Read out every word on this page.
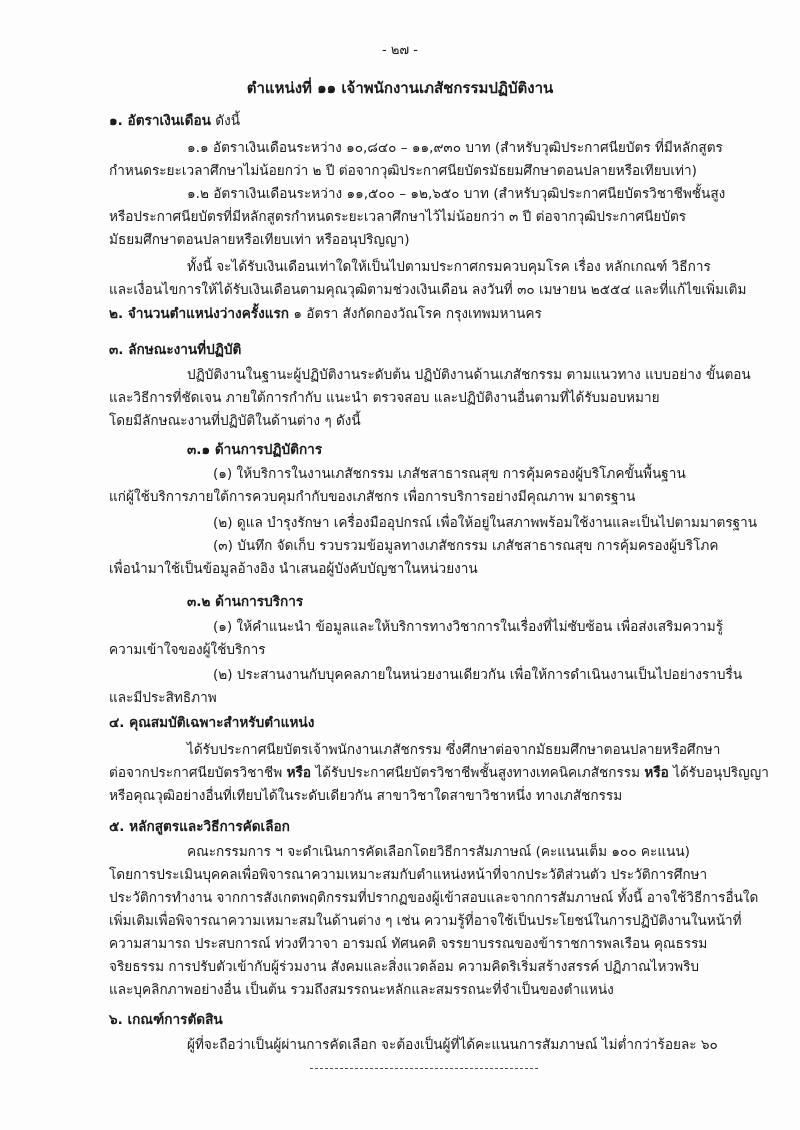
- ๒๗ -
ตำแหน่งที่ ๑๑ เจ้าพนักงานเภสัชกรรมปฏิบัติงาน
๑. อัตราเงินเดือน ดังนี้
๑.๑ อัตราเงินเดือนระหว่าง ๑๐,๘๔๐ – ๑๑,๙๓๐ บาท (สำหรับวุฒิประกาศนียบัตร ที่มีหลักสูตร
กำหนดระยะเวลาศึกษาไม่น้อยกว่า ๒ ปี ต่อจากวุฒิประกาศนียบัตรมัธยมศึกษาตอนปลายหรือเทียบเท่า)
๑.๒ อัตราเงินเดือนระหว่าง ๑๑,๕๐๐ – ๑๒,๖๕๐ บาท (สำหรับวุฒิประกาศนียบัตรวิชาชีพชั้นสูง
หรือประกาศนียบัตรที่มีหลักสูตรกำหนดระยะเวลาศึกษาไว้ไม่น้อยกว่า ๓ ปี ต่อจากวุฒิประกาศนียบัตร
มัธยมศึกษาตอนปลายหรือเทียบเท่า หรืออนุปริญญา)
ทั้งนี้ จะได้รับเงินเดือนเท่าใดให้เป็นไปตามประกาศกรมควบคุมโรค เรื่อง หลักเกณฑ์ วิธีการ
และเงื่อนไขการให้ได้รับเงินเดือนตามคุณวุฒิตามช่วงเงินเดือน ลงวันที่ ๓๐ เมษายน ๒๕๕๔ และที่แก้ไขเพิ่มเติม
๒. จำนวนตำแหน่งว่างครั้งแรก ๑ อัตรา สังกัดกองวัณโรค กรุงเทพมหานคร
๓. ลักษณะงานที่ปฏิบัติ
ปฏิบัติงานในฐานะผู้ปฏิบัติงานระดับต้น ปฏิบัติงานด้านเภสัชกรรม ตามแนวทาง แบบอย่าง ขั้นตอน
และวิธีการที่ชัดเจน ภายใต้การกำกับ แนะนำ ตรวจสอบ และปฏิบัติงานอื่นตามที่ได้รับมอบหมาย
โดยมีลักษณะงานที่ปฏิบัติในด้านต่าง ๆ ดังนี้
๓.๑ ด้านการปฏิบัติการ
(๑) ให้บริการในงานเภสัชกรรม เภสัชสาธารณสุข การคุ้มครองผู้บริโภคขั้นพื้นฐาน
แก่ผู้ใช้บริการภายใต้การควบคุมกำกับของเภสัชกร เพื่อการบริการอย่างมีคุณภาพ มาตรฐาน
(๒) ดูแล บำรุงรักษา เครื่องมืออุปกรณ์ เพื่อให้อยู่ในสภาพพร้อมใช้งานและเป็นไปตามมาตรฐาน
(๓) บันทึก จัดเก็บ รวบรวมข้อมูลทางเภสัชกรรม เภสัชสาธารณสุข การคุ้มครองผู้บริโภค
เพื่อนำมาใช้เป็นข้อมูลอ้างอิง นำเสนอผู้บังคับบัญชาในหน่วยงาน
๓.๒ ด้านการบริการ
(๑) ให้คำแนะนำ ข้อมูลและให้บริการทางวิชาการในเรื่องที่ไม่ซับซ้อน เพื่อส่งเสริมความรู้
ความเข้าใจของผู้ใช้บริการ
(๒) ประสานงานกับบุคคลภายในหน่วยงานเดียวกัน เพื่อให้การดำเนินงานเป็นไปอย่างราบรื่น
และมีประสิทธิภาพ
๔. คุณสมบัติเฉพาะสำหรับตำแหน่ง
ได้รับประกาศนียบัตรเจ้าพนักงานเภสัชกรรม ซึ่งศึกษาต่อจากมัธยมศึกษาตอนปลายหรือศึกษา
ต่อจากประกาศนียบัตรวิชาชีพ หรือ ได้รับประกาศนียบัตรวิชาชีพชั้นสูงทางเทคนิคเภสัชกรรม หรือ ได้รับอนุปริญญา
หรือคุณวุฒิอย่างอื่นที่เทียบได้ในระดับเดียวกัน สาขาวิชาใดสาขาวิชาหนึ่ง ทางเภสัชกรรม
๕. หลักสูตรและวิธีการคัดเลือก
คณะกรรมการ ฯ จะดำเนินการคัดเลือกโดยวิธีการสัมภาษณ์ (คะแนนเต็ม ๑๐๐ คะแนน)
โดยการประเมินบุคคลเพื่อพิจารณาความเหมาะสมกับตำแหน่งหน้าที่จากประวัติส่วนตัว ประวัติการศึกษา
ประวัติการทำงาน จากการสังเกตพฤติกรรมที่ปรากฏของผู้เข้าสอบและจากการสัมภาษณ์ ทั้งนี้ อาจใช้วิธีการอื่นใด
เพิ่มเติมเพื่อพิจารณาความเหมาะสมในด้านต่าง ๆ เช่น ความรู้ที่อาจใช้เป็นประโยชน์ในการปฏิบัติงานในหน้าที่
ความสามารถ ประสบการณ์ ท่วงทีวาจา อารมณ์ ทัศนคติ จรรยาบรรณของข้าราชการพลเรือน คุณธรรม
จริยธรรม การปรับตัวเข้ากับผู้ร่วมงาน สังคมและสิ่งแวดล้อม ความคิดริเริ่มสร้างสรรค์ ปฏิภาณไหวพริบ
และบุคลิกภาพอย่างอื่น เป็นต้น รวมถึงสมรรถนะหลักและสมรรถนะที่จำเป็นของตำแหน่ง
๖. เกณฑ์การตัดสิน
ผู้ที่จะถือว่าเป็นผู้ผ่านการคัดเลือก จะต้องเป็นผู้ที่ได้คะแนนการสัมภาษณ์ ไม่ต่ำกว่าร้อยละ ๖๐
